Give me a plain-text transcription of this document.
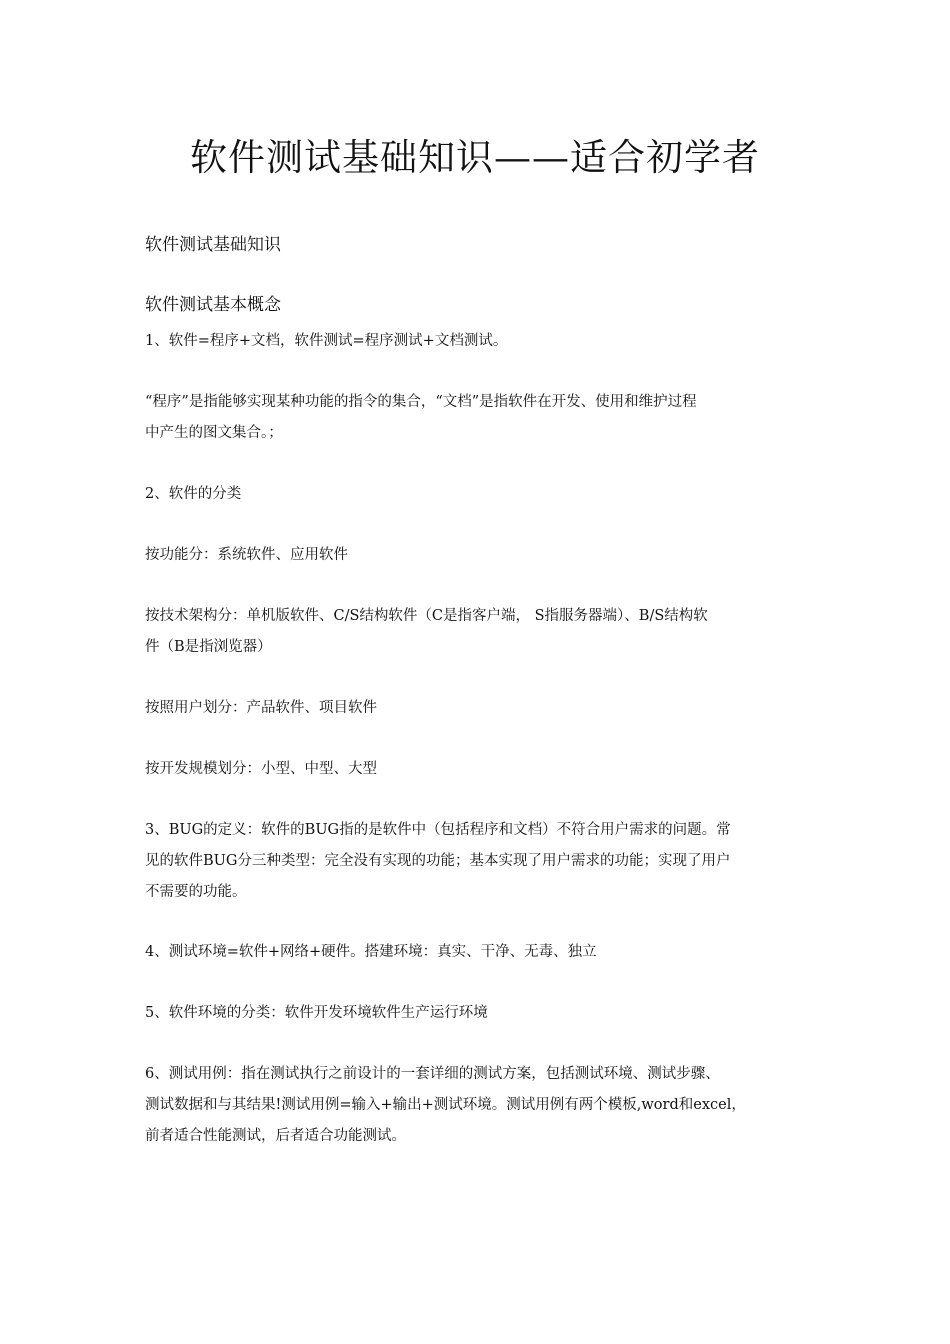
软件测试基础知识——适合初学者
软件测试基础知识
软件测试基本概念

1、软件=程序+文档，软件测试=程序测试+文档测试。

“程序”是指能够实现某种功能的指令的集合，“文档”是指软件在开发、使用和维护过程
中产生的图文集合。；

2、软件的分类

按功能分：系统软件、应用软件

按技术架构分：单机版软件、C/S结构软件（C是指客户端， S指服务器端）、B/S结构软
件（B是指浏览器）

按照用户划分：产品软件、项目软件

按开发规模划分：小型、中型、大型

3、BUG的定义：软件的BUG指的是软件中（包括程序和文档）不符合用户需求的问题。常
见的软件BUG分三种类型：完全没有实现的功能；基本实现了用户需求的功能；实现了用户
不需要的功能。

4、测试环境=软件+网络+硬件。搭建环境：真实、干净、无毒、独立

5、软件环境的分类：软件开发环境软件生产运行环境

6、测试用例：指在测试执行之前设计的一套详细的测试方案，包括测试环境、测试步骤、
测试数据和与其结果!测试用例=输入+输出+测试环境。测试用例有两个模板,word和excel，
前者适合性能测试，后者适合功能测试。
